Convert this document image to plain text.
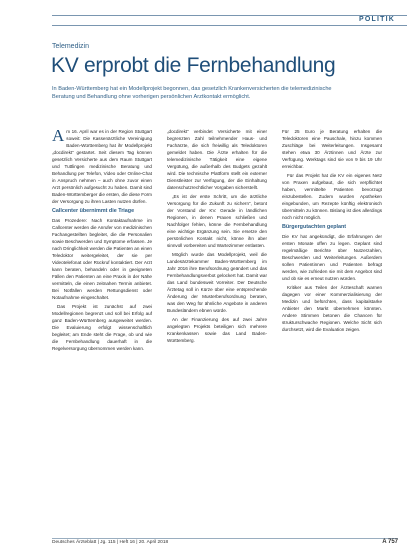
POLITIK
Telemedizin
KV erprobt die Fernbehandlung
In Baden-Württemberg hat ein Modellprojekt begonnen, das gesetzlich Krankenversicherten die telemedizinische Beratung und Behandlung ohne vorherigen persönlichen Arztkontakt ermöglicht.

Am 16. April war es in der Region Stuttgart soweit: Die Kassenärztliche Vereinigung Baden-Württemberg hat ihr Modellprojekt „docdirekt“ gestartet. Seit diesem Tag können gesetzlich Versicherte aus dem Raum Stuttgart und Tuttlingen medizinische Beratung und Behandlung per Telefon, Video oder Online-Chat in Anspruch nehmen – auch ohne zuvor einen Arzt persönlich aufgesucht zu haben. Damit sind Baden-Württemberger die ersten, die diese Form der Versorgung zu ihren Lasten nutzen dürfen.

Callcenter übernimmt die Triage

Das Prozedere: Nach Kontaktaufnahme im Callcenter werden die Anrufer von medizinischen Fachangestellten begleitet, die die Personalien sowie Beschwerden und Symptome erfassen. Je nach Dringlichkeit werden die Patienten an einen Teledoktor weitergeleitet, der sie per Videotelefonat oder Rückruf kontaktiert. Der Arzt kann beraten, behandeln oder in geeigneten Fällen den Patienten an eine Praxis in der Nähe vermitteln, die einen zeitnahen Termin anbietet. Bei Notfällen werden Rettungsdienst oder Notaufnahme eingeschaltet.

Das Projekt ist zunächst auf zwei Modellregionen begrenzt und soll bei Erfolg auf ganz Baden-Württemberg ausgeweitet werden. Die Evaluierung erfolgt wissenschaftlich begleitet; am Ende steht die Frage, ob und wie die Fernbehandlung dauerhaft in die Regelversorgung übernommen werden kann.

„docdirekt“ verbindet Versicherte mit einer begrenzten Zahl teilnehmender Haus- und Fachärzte, die sich freiwillig als Teledoktoren gemeldet haben. Die Ärzte erhalten für die telemedizinische Tätigkeit eine eigene Vergütung, die außerhalb des Budgets gezahlt wird. Die technische Plattform stellt ein externer Dienstleister zur Verfügung, der die Einhaltung datenschutzrechtlicher Vorgaben sicherstellt.

„Es ist der erste Schritt, um die ärztliche Versorgung für die Zukunft zu sichern“, betont der Vorstand der KV. Gerade in ländlichen Regionen, in denen Praxen schließen und Nachfolger fehlen, könne die Fernbehandlung eine wichtige Ergänzung sein. Sie ersetze den persönlichen Kontakt nicht, könne ihn aber sinnvoll vorbereiten und Wartezimmer entlasten.

Möglich wurde das Modellprojekt, weil die Landesärztekammer Baden-Württemberg im Jahr 2016 ihre Berufsordnung geändert und das Fernbehandlungsverbot gelockert hat. Damit war das Land bundesweit Vorreiter. Der Deutsche Ärztetag soll in Kürze über eine entsprechende Änderung der Musterberufsordnung beraten, was den Weg für ähnliche Angebote in anderen Bundesländern ebnen würde.

An der Finanzierung des auf zwei Jahre angelegten Projekts beteiligen sich mehrere Krankenkassen sowie das Land Baden-Württemberg.

Für 25 Euro je Beratung erhalten die Teledoktoren eine Pauschale, hinzu kommen Zuschläge bei Weiterleitungen. Insgesamt stehen etwa 30 Ärztinnen und Ärzte zur Verfügung. Werktags sind sie von 9 bis 19 Uhr erreichbar.

Für das Projekt hat die KV ein eigenes Netz von Praxen aufgebaut, die sich verpflichtet haben, vermittelte Patienten bevorzugt einzubestellen. Zudem wurden Apotheken eingebunden, um Rezepte künftig elektronisch übermitteln zu können. Bislang ist dies allerdings noch nicht möglich.

Bürgergutachten geplant

Die KV hat angekündigt, die Erfahrungen der ersten Monate offen zu legen. Geplant sind regelmäßige Berichte über Nutzerzahlen, Beschwerden und Weiterleitungen. Außerdem sollen Patientinnen und Patienten befragt werden, wie zufrieden sie mit dem Angebot sind und ob sie es erneut nutzen würden.

Kritiker aus Teilen der Ärzteschaft warnen dagegen vor einer Kommerzialisierung der Medizin und befürchten, dass kapitalstarke Anbieter den Markt übernehmen könnten. Andere Stimmen betonen die Chancen für strukturschwache Regionen. Welche Sicht sich durchsetzt, wird die Evaluation zeigen.

Deutsches Ärzteblatt | Jg. 115 | Heft 16 | 20. April 2018	A 757
